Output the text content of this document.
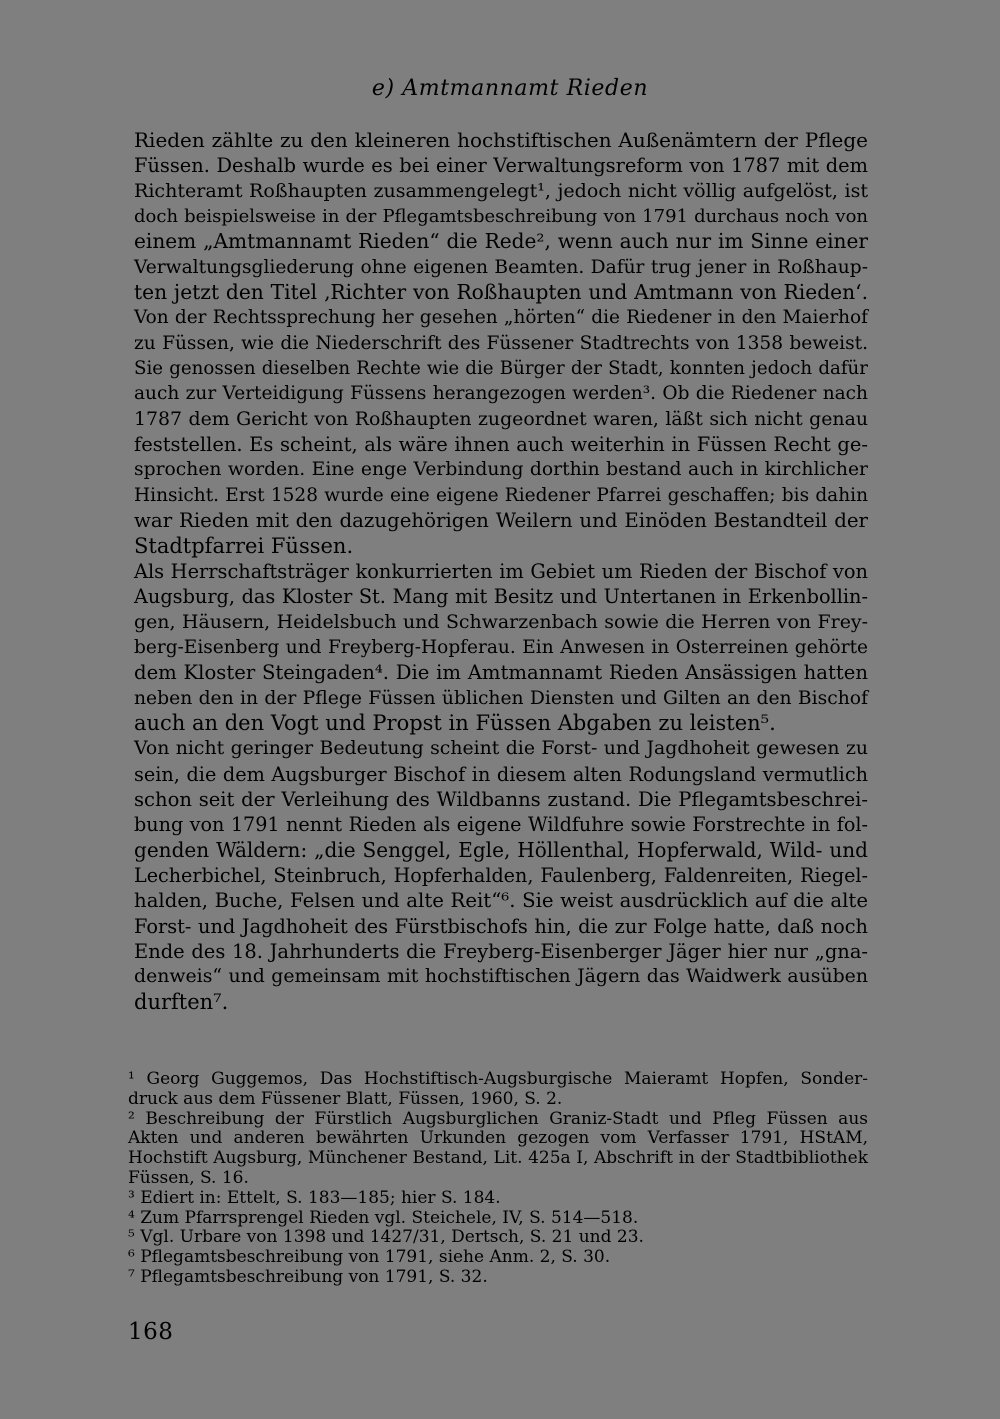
e) Amtmannamt Rieden
Rieden zählte zu den kleineren hochstiftischen Außenämtern der Pflege
Füssen. Deshalb wurde es bei einer Verwaltungsreform von 1787 mit dem
Richteramt Roßhaupten zusammengelegt¹, jedoch nicht völlig aufgelöst, ist
doch beispielsweise in der Pflegamtsbeschreibung von 1791 durchaus noch von
einem „Amtmannamt Rieden“ die Rede², wenn auch nur im Sinne einer
Verwaltungsgliederung ohne eigenen Beamten. Dafür trug jener in Roßhaup-
ten jetzt den Titel ‚Richter von Roßhaupten und Amtmann von Rieden‘.
Von der Rechtssprechung her gesehen „hörten“ die Riedener in den Maierhof
zu Füssen, wie die Niederschrift des Füssener Stadtrechts von 1358 beweist.
Sie genossen dieselben Rechte wie die Bürger der Stadt, konnten jedoch dafür
auch zur Verteidigung Füssens herangezogen werden³. Ob die Riedener nach
1787 dem Gericht von Roßhaupten zugeordnet waren, läßt sich nicht genau
feststellen. Es scheint, als wäre ihnen auch weiterhin in Füssen Recht ge-
sprochen worden. Eine enge Verbindung dorthin bestand auch in kirchlicher
Hinsicht. Erst 1528 wurde eine eigene Riedener Pfarrei geschaffen; bis dahin
war Rieden mit den dazugehörigen Weilern und Einöden Bestandteil der
Stadtpfarrei Füssen.
Als Herrschaftsträger konkurrierten im Gebiet um Rieden der Bischof von
Augsburg, das Kloster St. Mang mit Besitz und Untertanen in Erkenbollin-
gen, Häusern, Heidelsbuch und Schwarzenbach sowie die Herren von Frey-
berg-Eisenberg und Freyberg-Hopferau. Ein Anwesen in Osterreinen gehörte
dem Kloster Steingaden⁴. Die im Amtmannamt Rieden Ansässigen hatten
neben den in der Pflege Füssen üblichen Diensten und Gilten an den Bischof
auch an den Vogt und Propst in Füssen Abgaben zu leisten⁵.
Von nicht geringer Bedeutung scheint die Forst- und Jagdhoheit gewesen zu
sein, die dem Augsburger Bischof in diesem alten Rodungsland vermutlich
schon seit der Verleihung des Wildbanns zustand. Die Pflegamtsbeschrei-
bung von 1791 nennt Rieden als eigene Wildfuhre sowie Forstrechte in fol-
genden Wäldern: „die Senggel, Egle, Höllenthal, Hopferwald, Wild- und
Lecherbichel, Steinbruch, Hopferhalden, Faulenberg, Faldenreiten, Riegel-
halden, Buche, Felsen und alte Reit“⁶. Sie weist ausdrücklich auf die alte
Forst- und Jagdhoheit des Fürstbischofs hin, die zur Folge hatte, daß noch
Ende des 18. Jahrhunderts die Freyberg-Eisenberger Jäger hier nur „gna-
denweis“ und gemeinsam mit hochstiftischen Jägern das Waidwerk ausüben
durften⁷.
¹ Georg Guggemos, Das Hochstiftisch-Augsburgische Maieramt Hopfen, Sonder-
druck aus dem Füssener Blatt, Füssen, 1960, S. 2.
² Beschreibung der Fürstlich Augsburglichen Graniz-Stadt und Pfleg Füssen aus
Akten und anderen bewährten Urkunden gezogen vom Verfasser 1791, HStAM,
Hochstift Augsburg, Münchener Bestand, Lit. 425a I, Abschrift in der Stadtbibliothek
Füssen, S. 16.
³ Ediert in: Ettelt, S. 183—185; hier S. 184.
⁴ Zum Pfarrsprengel Rieden vgl. Steichele, IV, S. 514—518.
⁵ Vgl. Urbare von 1398 und 1427/31, Dertsch, S. 21 und 23.
⁶ Pflegamtsbeschreibung von 1791, siehe Anm. 2, S. 30.
⁷ Pflegamtsbeschreibung von 1791, S. 32.
168
